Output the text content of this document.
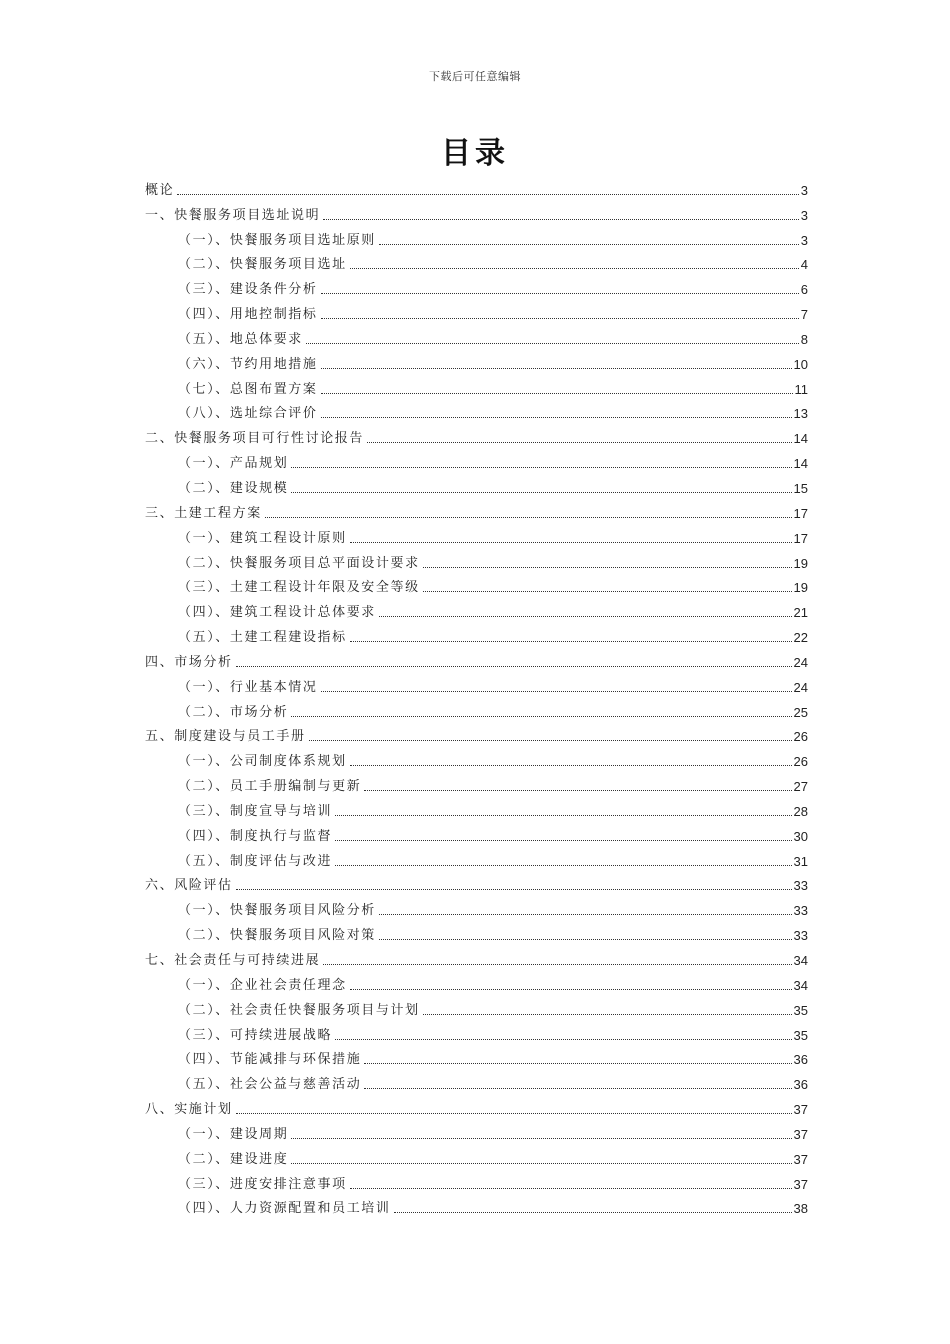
下载后可任意编辑
目录
概论	3
一、快餐服务项目选址说明	3
（一）、快餐服务项目选址原则	3
（二）、快餐服务项目选址	4
（三）、建设条件分析	6
（四）、用地控制指标	7
（五）、地总体要求	8
（六）、节约用地措施	10
（七）、总图布置方案	11
（八）、选址综合评价	13
二、快餐服务项目可行性讨论报告	14
（一）、产品规划	14
（二）、建设规模	15
三、土建工程方案	17
（一）、建筑工程设计原则	17
（二）、快餐服务项目总平面设计要求	19
（三）、土建工程设计年限及安全等级	19
（四）、建筑工程设计总体要求	21
（五）、土建工程建设指标	22
四、市场分析	24
（一）、行业基本情况	24
（二）、市场分析	25
五、制度建设与员工手册	26
（一）、公司制度体系规划	26
（二）、员工手册编制与更新	27
（三）、制度宣导与培训	28
（四）、制度执行与监督	30
（五）、制度评估与改进	31
六、风险评估	33
（一）、快餐服务项目风险分析	33
（二）、快餐服务项目风险对策	33
七、社会责任与可持续进展	34
（一）、企业社会责任理念	34
（二）、社会责任快餐服务项目与计划	35
（三）、可持续进展战略	35
（四）、节能减排与环保措施	36
（五）、社会公益与慈善活动	36
八、实施计划	37
（一）、建设周期	37
（二）、建设进度	37
（三）、进度安排注意事项	37
（四）、人力资源配置和员工培训	38
